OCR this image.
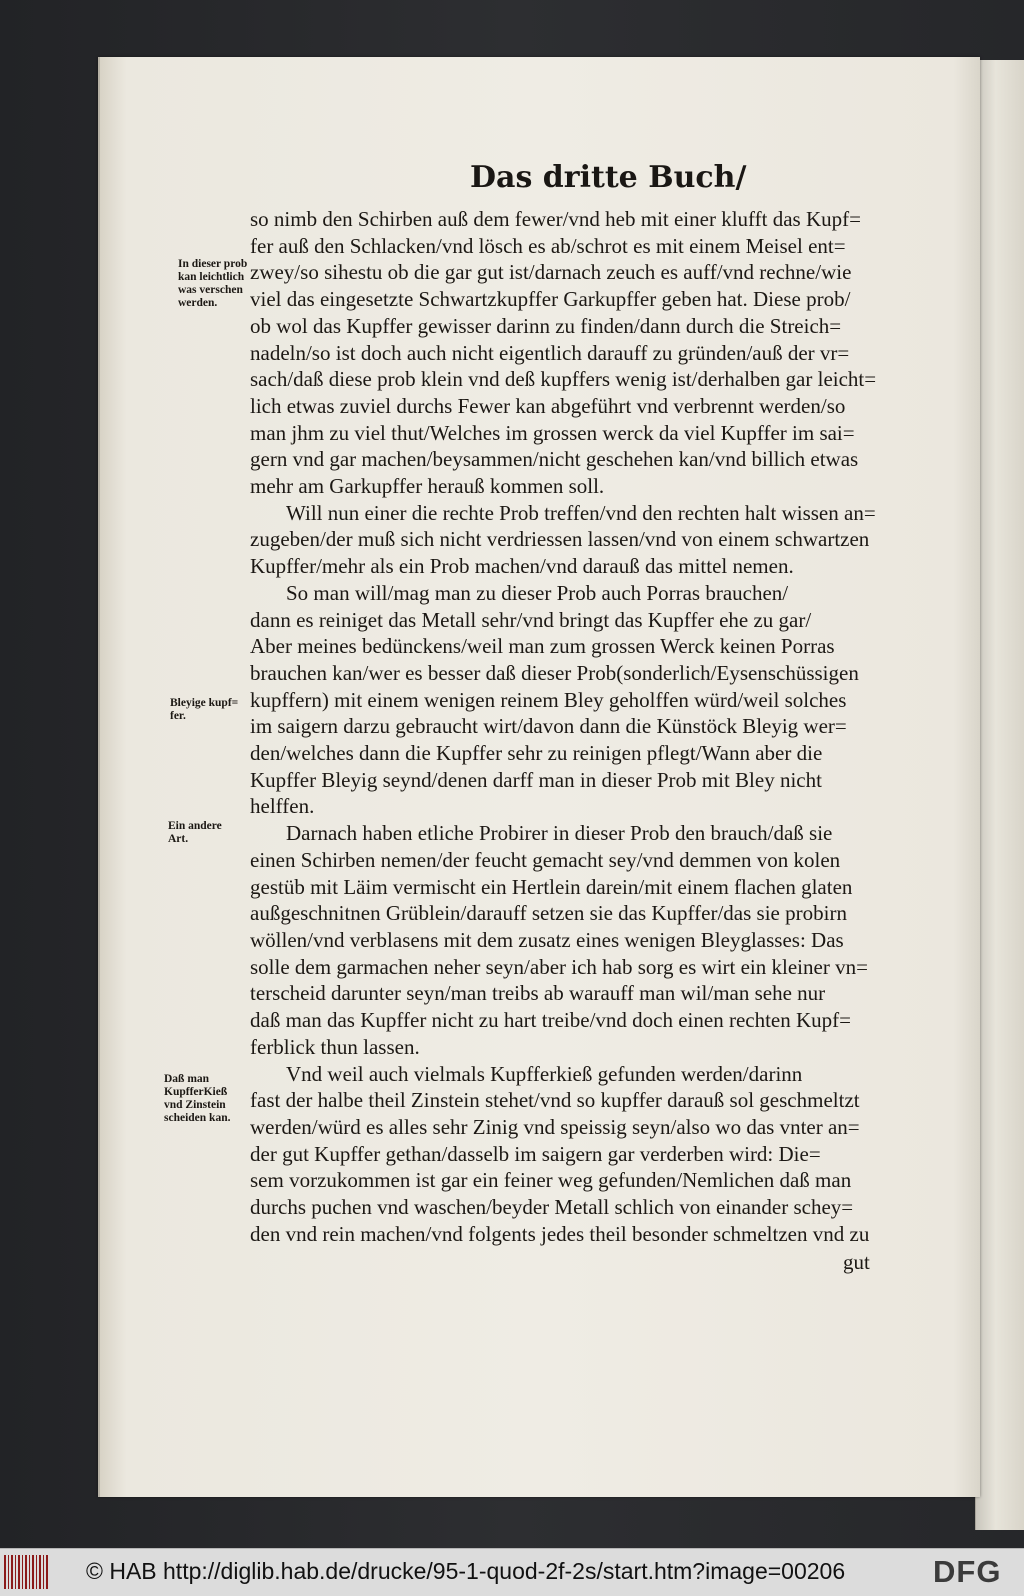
Das dritte Buch/
so nimb den Schirben auß dem fewer/vnd heb mit einer klufft das Kupf=
fer auß den Schlacken/vnd lösch es ab/schrot es mit einem Meisel ent=
zwey/so sihestu ob die gar gut ist/darnach zeuch es auff/vnd rechne/wie
viel das eingesetzte Schwartzkupffer Garkupffer geben hat. Diese prob/
ob wol das Kupffer gewisser darinn zu finden/dann durch die Streich=
nadeln/so ist doch auch nicht eigentlich darauff zu gründen/auß der vr=
sach/daß diese prob klein vnd deß kupffers wenig ist/derhalben gar leicht=
lich etwas zuviel durchs Fewer kan abgeführt vnd verbrennt werden/so
man jhm zu viel thut/Welches im grossen werck da viel Kupffer im sai=
gern vnd gar machen/beysammen/nicht geschehen kan/vnd billich etwas
mehr am Garkupffer herauß kommen soll.
Will nun einer die rechte Prob treffen/vnd den rechten halt wissen an=
zugeben/der muß sich nicht verdriessen lassen/vnd von einem schwartzen
Kupffer/mehr als ein Prob machen/vnd darauß das mittel nemen.
So man will/mag man zu dieser Prob auch Porras brauchen/
dann es reiniget das Metall sehr/vnd bringt das Kupffer ehe zu gar/
Aber meines bedünckens/weil man zum grossen Werck keinen Porras
brauchen kan/wer es besser daß dieser Prob(sonderlich/Eysenschüssigen
kupffern) mit einem wenigen reinem Bley geholffen würd/weil solches
im saigern darzu gebraucht wirt/davon dann die Künstöck Bleyig wer=
den/welches dann die Kupffer sehr zu reinigen pflegt/Wann aber die
Kupffer Bleyig seynd/denen darff man in dieser Prob mit Bley nicht
helffen.
Darnach haben etliche Probirer in dieser Prob den brauch/daß sie
einen Schirben nemen/der feucht gemacht sey/vnd demmen von kolen
gestüb mit Läim vermischt ein Hertlein darein/mit einem flachen glaten
außgeschnitnen Grüblein/darauff setzen sie das Kupffer/das sie probirn
wöllen/vnd verblasens mit dem zusatz eines wenigen Bleyglasses: Das
solle dem garmachen neher seyn/aber ich hab sorg es wirt ein kleiner vn=
terscheid darunter seyn/man treibs ab warauff man wil/man sehe nur
daß man das Kupffer nicht zu hart treibe/vnd doch einen rechten Kupf=
ferblick thun lassen.
Vnd weil auch vielmals Kupfferkieß gefunden werden/darinn
fast der halbe theil Zinstein stehet/vnd so kupffer darauß sol geschmeltzt
werden/würd es alles sehr Zinig vnd speissig seyn/also wo das vnter an=
der gut Kupffer gethan/dasselb im saigern gar verderben wird: Die=
sem vorzukommen ist gar ein feiner weg gefunden/Nemlichen daß man
durchs puchen vnd waschen/beyder Metall schlich von einander schey=
den vnd rein machen/vnd folgents jedes theil besonder schmeltzen vnd zu
gut
In dieser prob
kan leichtlich
was verschen
werden.
Bleyige kupf=
fer.
Ein andere
Art.
Daß man
KupfferKieß
vnd Zinstein
scheiden kan.
© HAB http://diglib.hab.de/drucke/95-1-quod-2f-2s/start.htm?image=00206	DFG
